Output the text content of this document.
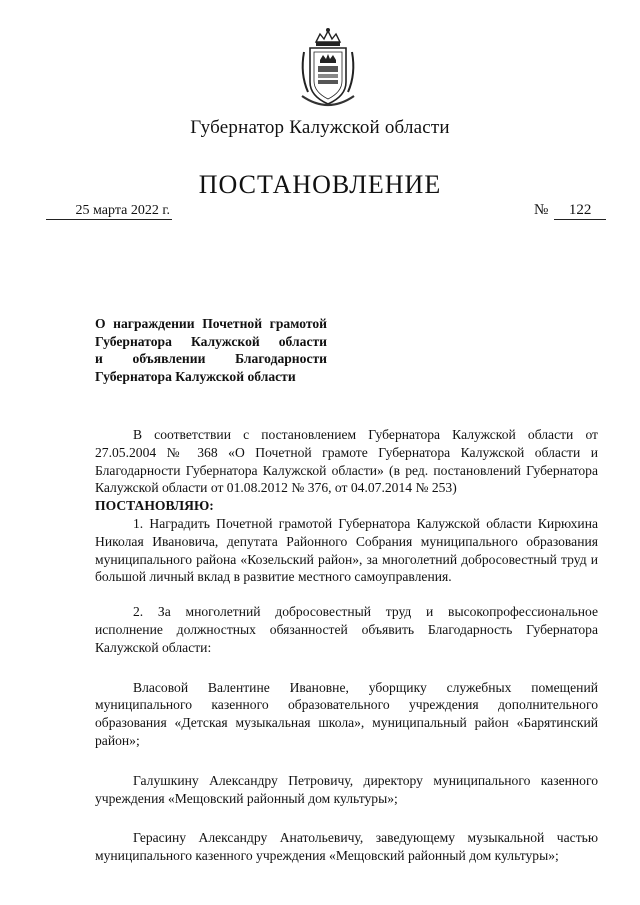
Губернатор Калужской области
ПОСТАНОВЛЕНИЕ
25 марта 2022 г.	№ 122
О награждении Почетной грамотой
Губернатора Калужской области
и объявлении Благодарности
Губернатора Калужской области

В соответствии с постановлением Губернатора Калужской области от 27.05.2004 № 368 «О Почетной грамоте Губернатора Калужской области и Благодарности Губернатора Калужской области» (в ред. постановлений Губернатора Калужской области от 01.08.2012 № 376, от 04.07.2014 № 253)

ПОСТАНОВЛЯЮ:

1. Наградить Почетной грамотой Губернатора Калужской области Кирюхина Николая Ивановича, депутата Районного Собрания муниципального образования муниципального района «Козельский район», за многолетний добросовестный труд и большой личный вклад в развитие местного самоуправления.

2. За многолетний добросовестный труд и высокопрофессиональное исполнение должностных обязанностей объявить Благодарность Губернатора Калужской области:

Власовой Валентине Ивановне, уборщику служебных помещений муниципального казенного образовательного учреждения дополнительного образования «Детская музыкальная школа», муниципальный район «Барятинский район»;

Галушкину Александру Петровичу, директору муниципального казенного учреждения «Мещовский районный дом культуры»;

Герасину Александру Анатольевичу, заведующему музыкальной частью муниципального казенного учреждения «Мещовский районный дом культуры»;
